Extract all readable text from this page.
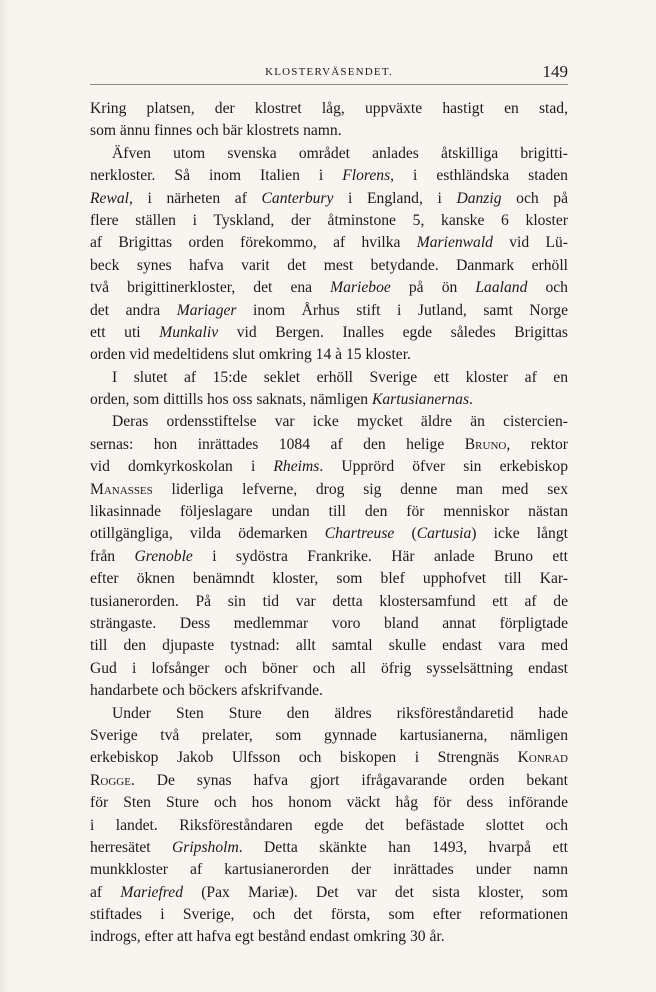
KLOSTERVÄSENDET.	149
Kring platsen, der klostret låg, uppväxte hastigt en stad,
som ännu finnes och bär klostrets namn.
Äfven utom svenska området anlades åtskilliga brigitti-
nerkloster. Så inom Italien i Florens, i esthländska staden
Rewal, i närheten af Canterbury i England, i Danzig och på
flere ställen i Tyskland, der åtminstone 5, kanske 6 kloster
af Brigittas orden förekommo, af hvilka Marienwald vid Lü-
beck synes hafva varit det mest betydande. Danmark erhöll
två brigittinerkloster, det ena Marieboe på ön Laaland och
det andra Mariager inom Århus stift i Jutland, samt Norge
ett uti Munkaliv vid Bergen. Inalles egde således Brigittas
orden vid medeltidens slut omkring 14 à 15 kloster.
I slutet af 15:de seklet erhöll Sverige ett kloster af en
orden, som dittills hos oss saknats, nämligen Kartusianernas.
Deras ordensstiftelse var icke mycket äldre än cistercien-
sernas: hon inrättades 1084 af den helige Bruno, rektor
vid domkyrkoskolan i Rheims. Upprörd öfver sin erkebiskop
Manasses liderliga lefverne, drog sig denne man med sex
likasinnade följeslagare undan till den för menniskor nästan
otillgängliga, vilda ödemarken Chartreuse (Cartusia) icke långt
från Grenoble i sydöstra Frankrike. Här anlade Bruno ett
efter öknen benämndt kloster, som blef upphofvet till Kar-
tusianerorden. På sin tid var detta klostersamfund ett af de
strängaste. Dess medlemmar voro bland annat förpligtade
till den djupaste tystnad: allt samtal skulle endast vara med
Gud i lofsånger och böner och all öfrig sysselsättning endast
handarbete och böckers afskrifvande.
Under Sten Sture den äldres riksföreståndaretid hade
Sverige två prelater, som gynnade kartusianerna, nämligen
erkebiskop Jakob Ulfsson och biskopen i Strengnäs Konrad
Rogge. De synas hafva gjort ifrågavarande orden bekant
för Sten Sture och hos honom väckt håg för dess införande
i landet. Riksföreståndaren egde det befästade slottet och
herresätet Gripsholm. Detta skänkte han 1493, hvarpå ett
munkkloster af kartusianerorden der inrättades under namn
af Mariefred (Pax Mariæ). Det var det sista kloster, som
stiftades i Sverige, och det första, som efter reformationen
indrogs, efter att hafva egt bestånd endast omkring 30 år.
